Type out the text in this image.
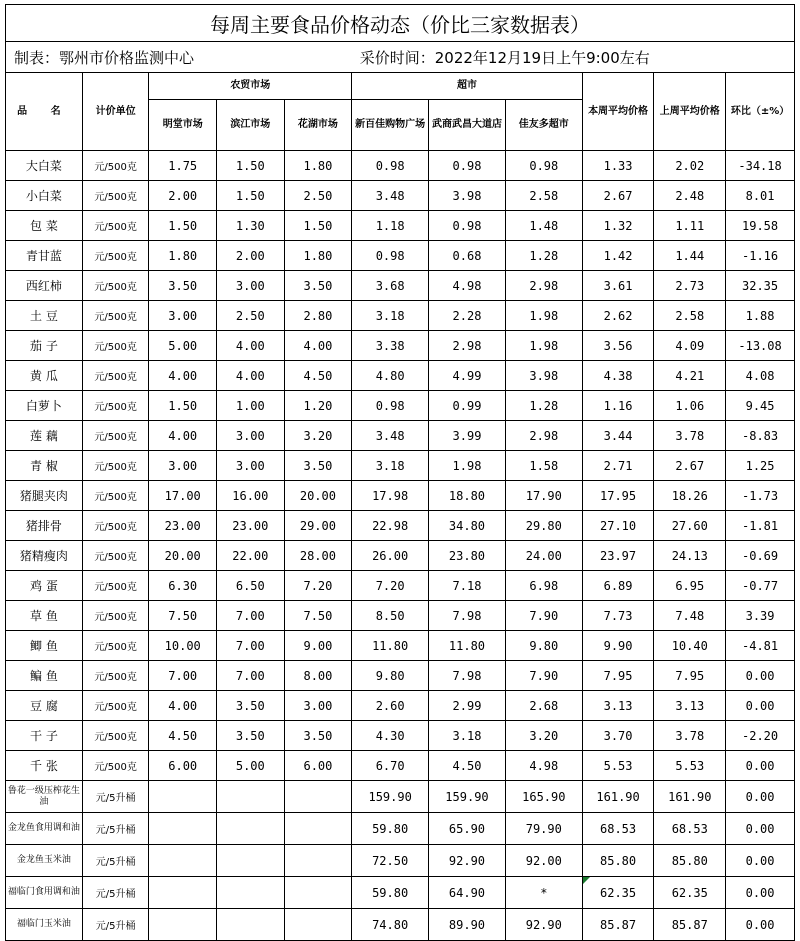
每周主要食品价格动态（价比三家数据表）										
制表：鄂州市价格监测中心					采价时间：2022年12月19日上午9:00左右					
品 名	计价单位	农贸市场			超市			本周平均价格	上周平均价格	环比（±%）
		明堂市场	滨江市场	花湖市场	新百佳购物广场	武商武昌大道店	佳友多超市			
大白菜	元/500克	1.75	1.50	1.80	0.98	0.98	0.98	1.33	2.02	-34.18
小白菜	元/500克	2.00	1.50	2.50	3.48	3.98	2.58	2.67	2.48	8.01
包 菜	元/500克	1.50	1.30	1.50	1.18	0.98	1.48	1.32	1.11	19.58
青甘蓝	元/500克	1.80	2.00	1.80	0.98	0.68	1.28	1.42	1.44	-1.16
西红柿	元/500克	3.50	3.00	3.50	3.68	4.98	2.98	3.61	2.73	32.35
土 豆	元/500克	3.00	2.50	2.80	3.18	2.28	1.98	2.62	2.58	1.88
茄 子	元/500克	5.00	4.00	4.00	3.38	2.98	1.98	3.56	4.09	-13.08
黄 瓜	元/500克	4.00	4.00	4.50	4.80	4.99	3.98	4.38	4.21	4.08
白萝卜	元/500克	1.50	1.00	1.20	0.98	0.99	1.28	1.16	1.06	9.45
莲 藕	元/500克	4.00	3.00	3.20	3.48	3.99	2.98	3.44	3.78	-8.83
青 椒	元/500克	3.00	3.00	3.50	3.18	1.98	1.58	2.71	2.67	1.25
猪腿夹肉	元/500克	17.00	16.00	20.00	17.98	18.80	17.90	17.95	18.26	-1.73
猪排骨	元/500克	23.00	23.00	29.00	22.98	34.80	29.80	27.10	27.60	-1.81
猪精瘦肉	元/500克	20.00	22.00	28.00	26.00	23.80	24.00	23.97	24.13	-0.69
鸡 蛋	元/500克	6.30	6.50	7.20	7.20	7.18	6.98	6.89	6.95	-0.77
草 鱼	元/500克	7.50	7.00	7.50	8.50	7.98	7.90	7.73	7.48	3.39
鲫 鱼	元/500克	10.00	7.00	9.00	11.80	11.80	9.80	9.90	10.40	-4.81
鳊 鱼	元/500克	7.00	7.00	8.00	9.80	7.98	7.90	7.95	7.95	0.00
豆 腐	元/500克	4.00	3.50	3.00	2.60	2.99	2.68	3.13	3.13	0.00
干 子	元/500克	4.50	3.50	3.50	4.30	3.18	3.20	3.70	3.78	-2.20
千 张	元/500克	6.00	5.00	6.00	6.70	4.50	4.98	5.53	5.53	0.00
鲁花一级压榨花生油	元/5升桶				159.90	159.90	165.90	161.90	161.90	0.00
金龙鱼食用调和油	元/5升桶				59.80	65.90	79.90	68.53	68.53	0.00
金龙鱼玉米油	元/5升桶				72.50	92.90	92.00	85.80	85.80	0.00
福临门食用调和油	元/5升桶				59.80	64.90	*	62.35	62.35	0.00
福临门玉米油	元/5升桶				74.80	89.90	92.90	85.87	85.87	0.00
